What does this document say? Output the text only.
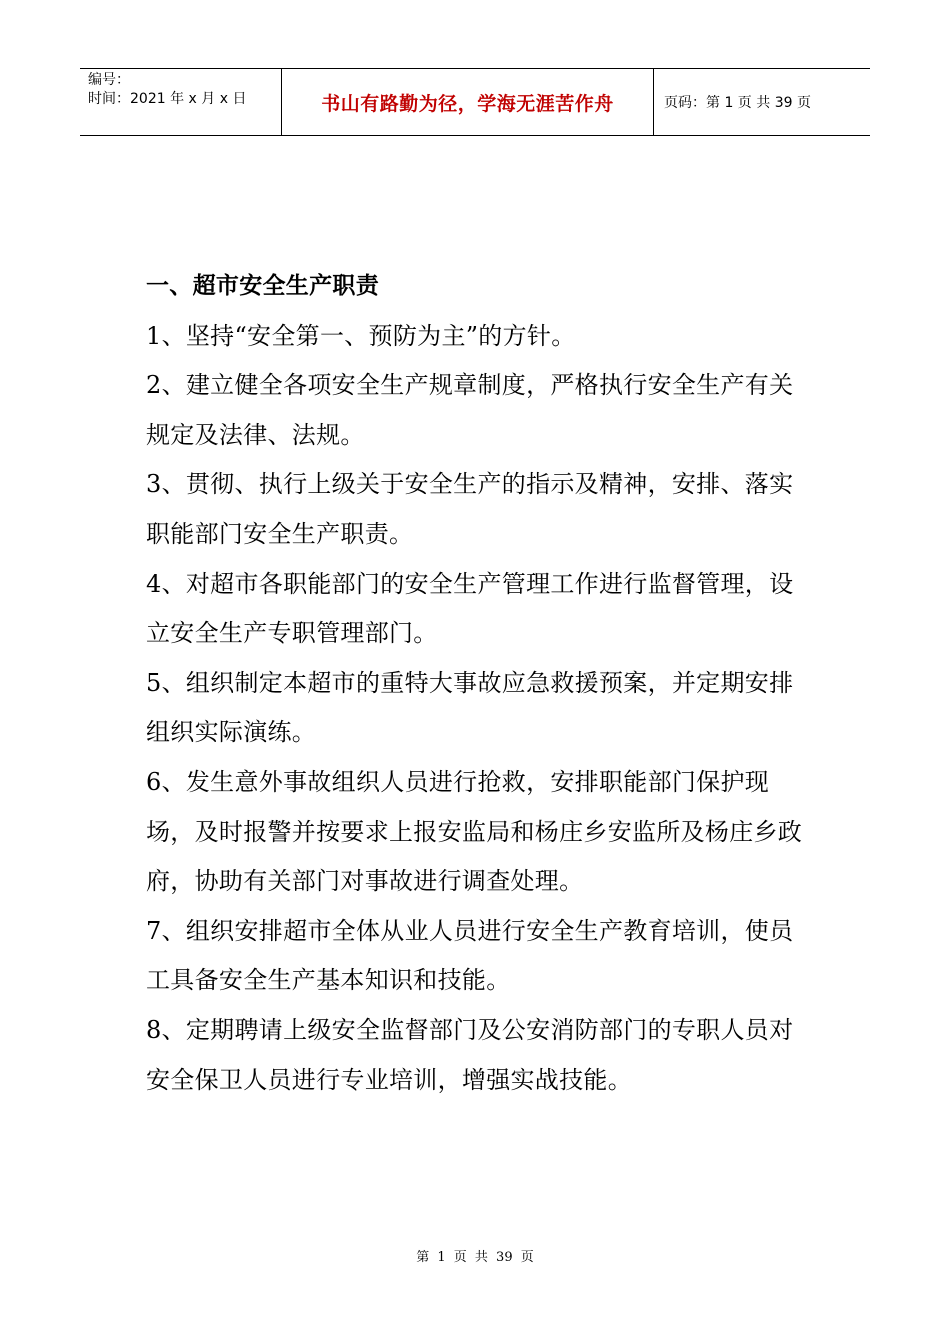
编号：
时间：2021 年 x 月 x 日	书山有路勤为径，学海无涯苦作舟	页码：第 1 页 共 39 页

一、超市安全生产职责

1、坚持“安全第一、预防为主”的方针。

2、建立健全各项安全生产规章制度，严格执行安全生产有关规定及法律、法规。

3、贯彻、执行上级关于安全生产的指示及精神，安排、落实职能部门安全生产职责。

4、对超市各职能部门的安全生产管理工作进行监督管理，设立安全生产专职管理部门。

5、组织制定本超市的重特大事故应急救援预案，并定期安排组织实际演练。

6、发生意外事故组织人员进行抢救，安排职能部门保护现场，及时报警并按要求上报安监局和杨庄乡安监所及杨庄乡政府，协助有关部门对事故进行调查处理。

7、组织安排超市全体从业人员进行安全生产教育培训，使员工具备安全生产基本知识和技能。

8、定期聘请上级安全监督部门及公安消防部门的专职人员对安全保卫人员进行专业培训，增强实战技能。

第 1 页 共 39 页
